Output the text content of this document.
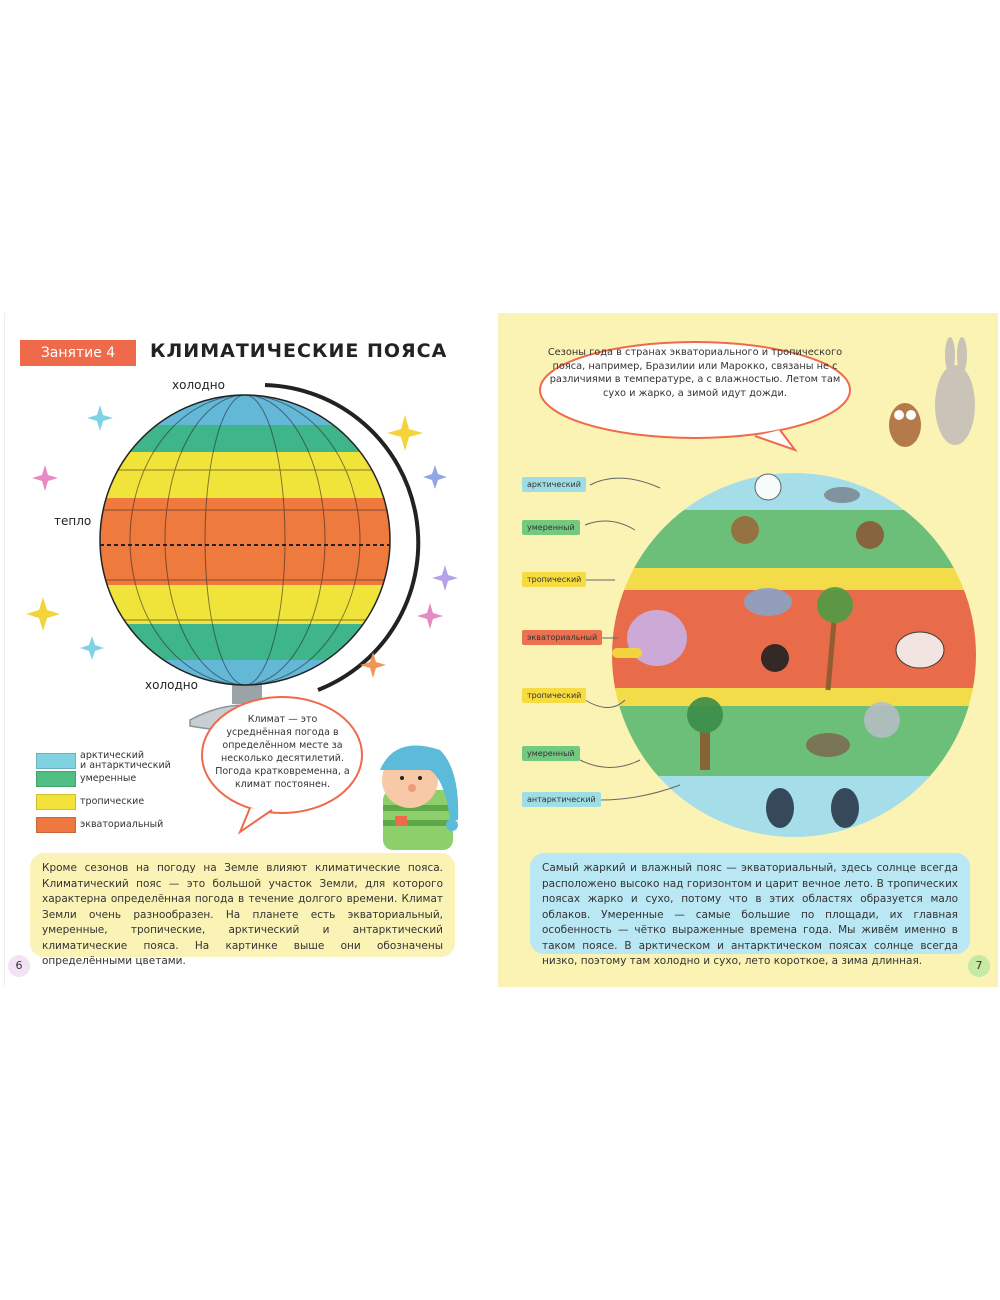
Занятие 4	КЛИМАТИЧЕСКИЕ ПОЯСА
холодно
тепло
холодно
арктический
и антарктический
умеренные
тропические
экваториальный
Климат — это усреднённая погода в определённом месте за несколько десятилетий. Погода кратковременна, а климат постоянен.
Кроме сезонов на погоду на Земле влияют климатические пояса. Климатический пояс — это большой участок Земли, для которого характерна определённая погода в течение долгого времени. Климат Земли очень разнообразен. На планете есть экваториальный, умеренные, тропические, арктический и антарктический климатические пояса. На картинке выше они обозначены определёнными цветами.
6
Сезоны года в странах экваториального и тропического пояса, например, Бразилии или Марокко, связаны не с различиями в температуре, а с влажностью. Летом там сухо и жарко, а зимой идут дожди.
арктический
умеренный
тропический
экваториальный
тропический
умеренный
антарктический
Самый жаркий и влажный пояс — экваториальный, здесь солнце всегда расположено высоко над горизонтом и царит вечное лето. В тропических поясах жарко и сухо, потому что в этих областях образуется мало облаков. Умеренные — самые большие по площади, их главная особенность — чётко выраженные времена года. Мы живём именно в таком поясе. В арктическом и антарктическом поясах солнце всегда низко, поэтому там холодно и сухо, лето короткое, а зима длинная.	7
